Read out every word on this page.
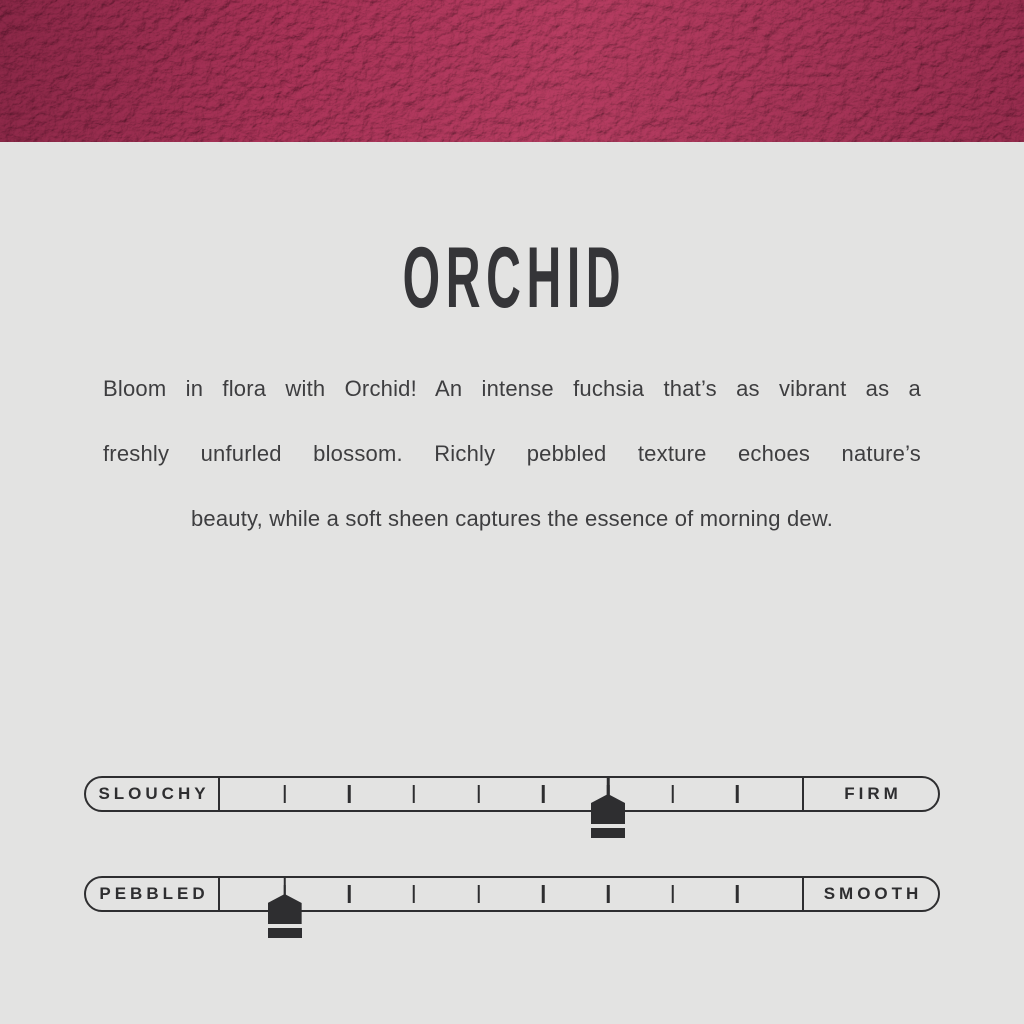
ORCHID
Bloom in flora with Orchid! An intense fuchsia that’s as vibrant as a
freshly unfurled blossom. Richly pebbled texture echoes nature’s
beauty, while a soft sheen captures the essence of morning dew.
SLOUCHY	FIRM
PEBBLED	SMOOTH
